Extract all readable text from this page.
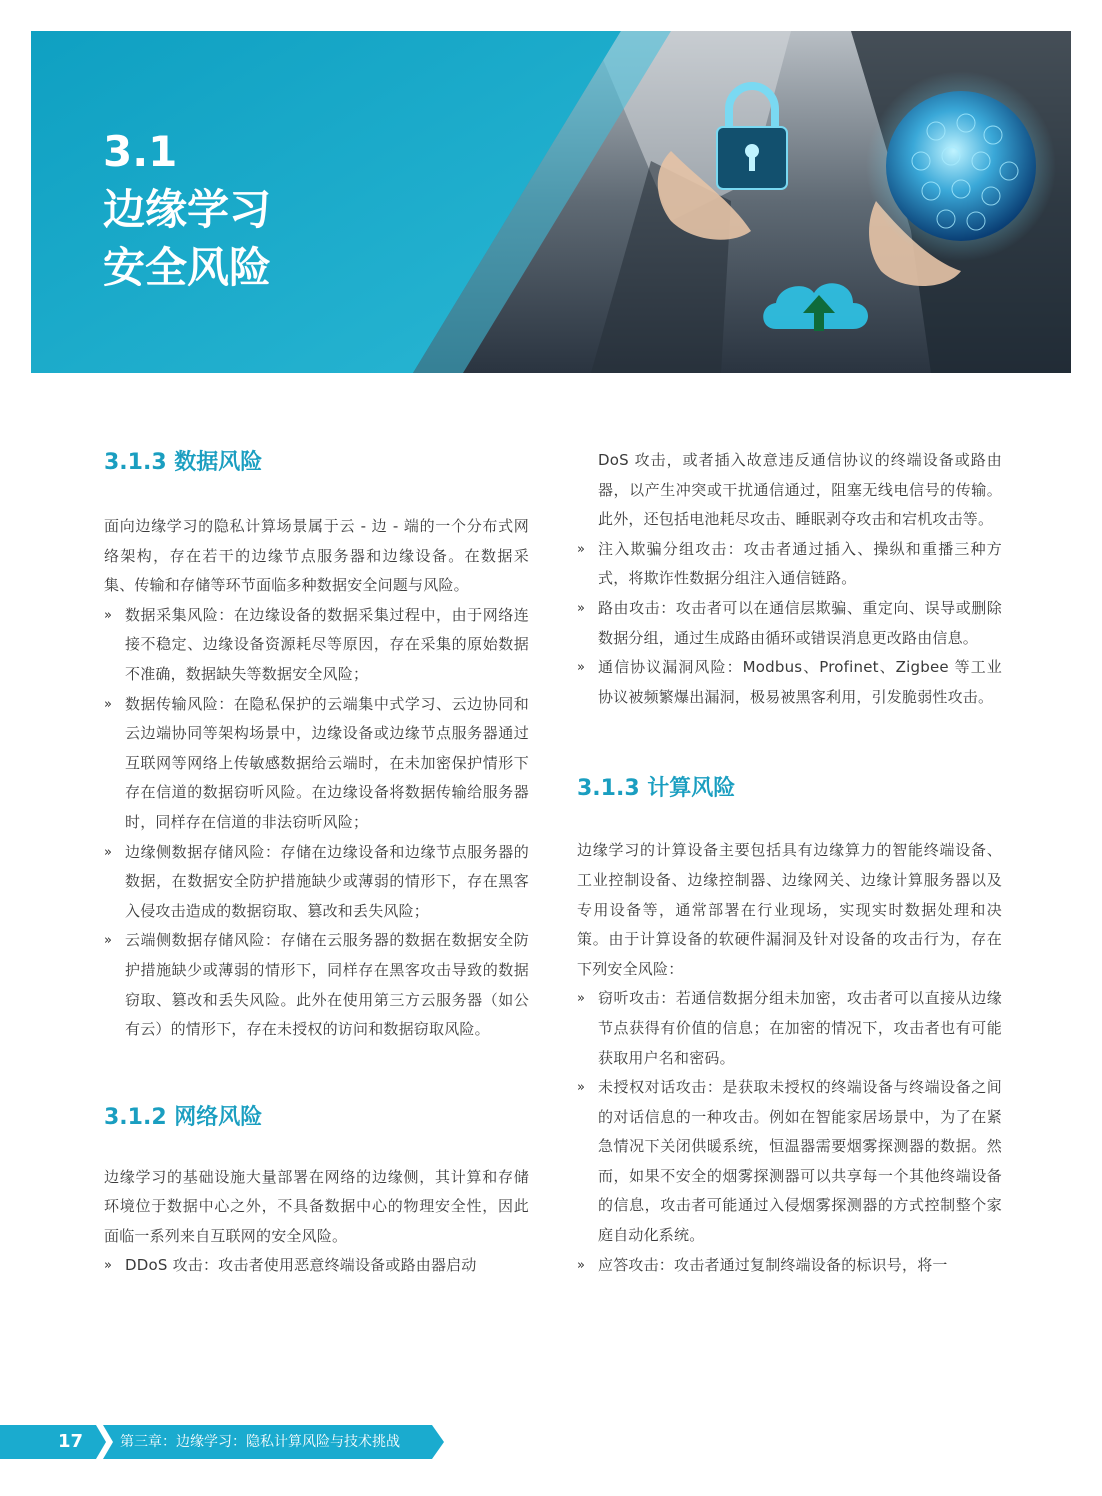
3.1
边缘学习
安全风险
3.1.3 数据风险

面向边缘学习的隐私计算场景属于云 - 边 - 端的一个分布式网络架构，存在若干的边缘节点服务器和边缘设备。在数据采集、传输和存储等环节面临多种数据安全问题与风险。

» 数据采集风险：在边缘设备的数据采集过程中，由于网络连接不稳定、边缘设备资源耗尽等原因，存在采集的原始数据不准确，数据缺失等数据安全风险；
» 数据传输风险：在隐私保护的云端集中式学习、云边协同和云边端协同等架构场景中，边缘设备或边缘节点服务器通过互联网等网络上传敏感数据给云端时，在未加密保护情形下存在信道的数据窃听风险。在边缘设备将数据传输给服务器时，同样存在信道的非法窃听风险；
» 边缘侧数据存储风险：存储在边缘设备和边缘节点服务器的数据，在数据安全防护措施缺少或薄弱的情形下，存在黑客入侵攻击造成的数据窃取、篡改和丢失风险；
» 云端侧数据存储风险：存储在云服务器的数据在数据安全防护措施缺少或薄弱的情形下，同样存在黑客攻击导致的数据窃取、篡改和丢失风险。此外在使用第三方云服务器（如公有云）的情形下，存在未授权的访问和数据窃取风险。
3.1.2 网络风险

边缘学习的基础设施大量部署在网络的边缘侧，其计算和存储环境位于数据中心之外，不具备数据中心的物理安全性，因此面临一系列来自互联网的安全风险。

» DDoS 攻击：攻击者使用恶意终端设备或路由器启动
DoS 攻击，或者插入故意违反通信协议的终端设备或路由器，以产生冲突或干扰通信通过，阻塞无线电信号的传输。此外，还包括电池耗尽攻击、睡眠剥夺攻击和宕机攻击等。
» 注入欺骗分组攻击：攻击者通过插入、操纵和重播三种方式，将欺诈性数据分组注入通信链路。
» 路由攻击：攻击者可以在通信层欺骗、重定向、误导或删除数据分组，通过生成路由循环或错误消息更改路由信息。
» 通信协议漏洞风险：Modbus、Profinet、Zigbee 等工业协议被频繁爆出漏洞，极易被黑客利用，引发脆弱性攻击。
3.1.3 计算风险

边缘学习的计算设备主要包括具有边缘算力的智能终端设备、工业控制设备、边缘控制器、边缘网关、边缘计算服务器以及专用设备等，通常部署在行业现场，实现实时数据处理和决策。由于计算设备的软硬件漏洞及针对设备的攻击行为，存在下列安全风险：

» 窃听攻击：若通信数据分组未加密，攻击者可以直接从边缘节点获得有价值的信息；在加密的情况下，攻击者也有可能获取用户名和密码。
» 未授权对话攻击：是获取未授权的终端设备与终端设备之间的对话信息的一种攻击。例如在智能家居场景中，为了在紧急情况下关闭供暖系统，恒温器需要烟雾探测器的数据。然而，如果不安全的烟雾探测器可以共享每一个其他终端设备的信息，攻击者可能通过入侵烟雾探测器的方式控制整个家庭自动化系统。
» 应答攻击：攻击者通过复制终端设备的标识号，将一

17	第三章：边缘学习：隐私计算风险与技术挑战
